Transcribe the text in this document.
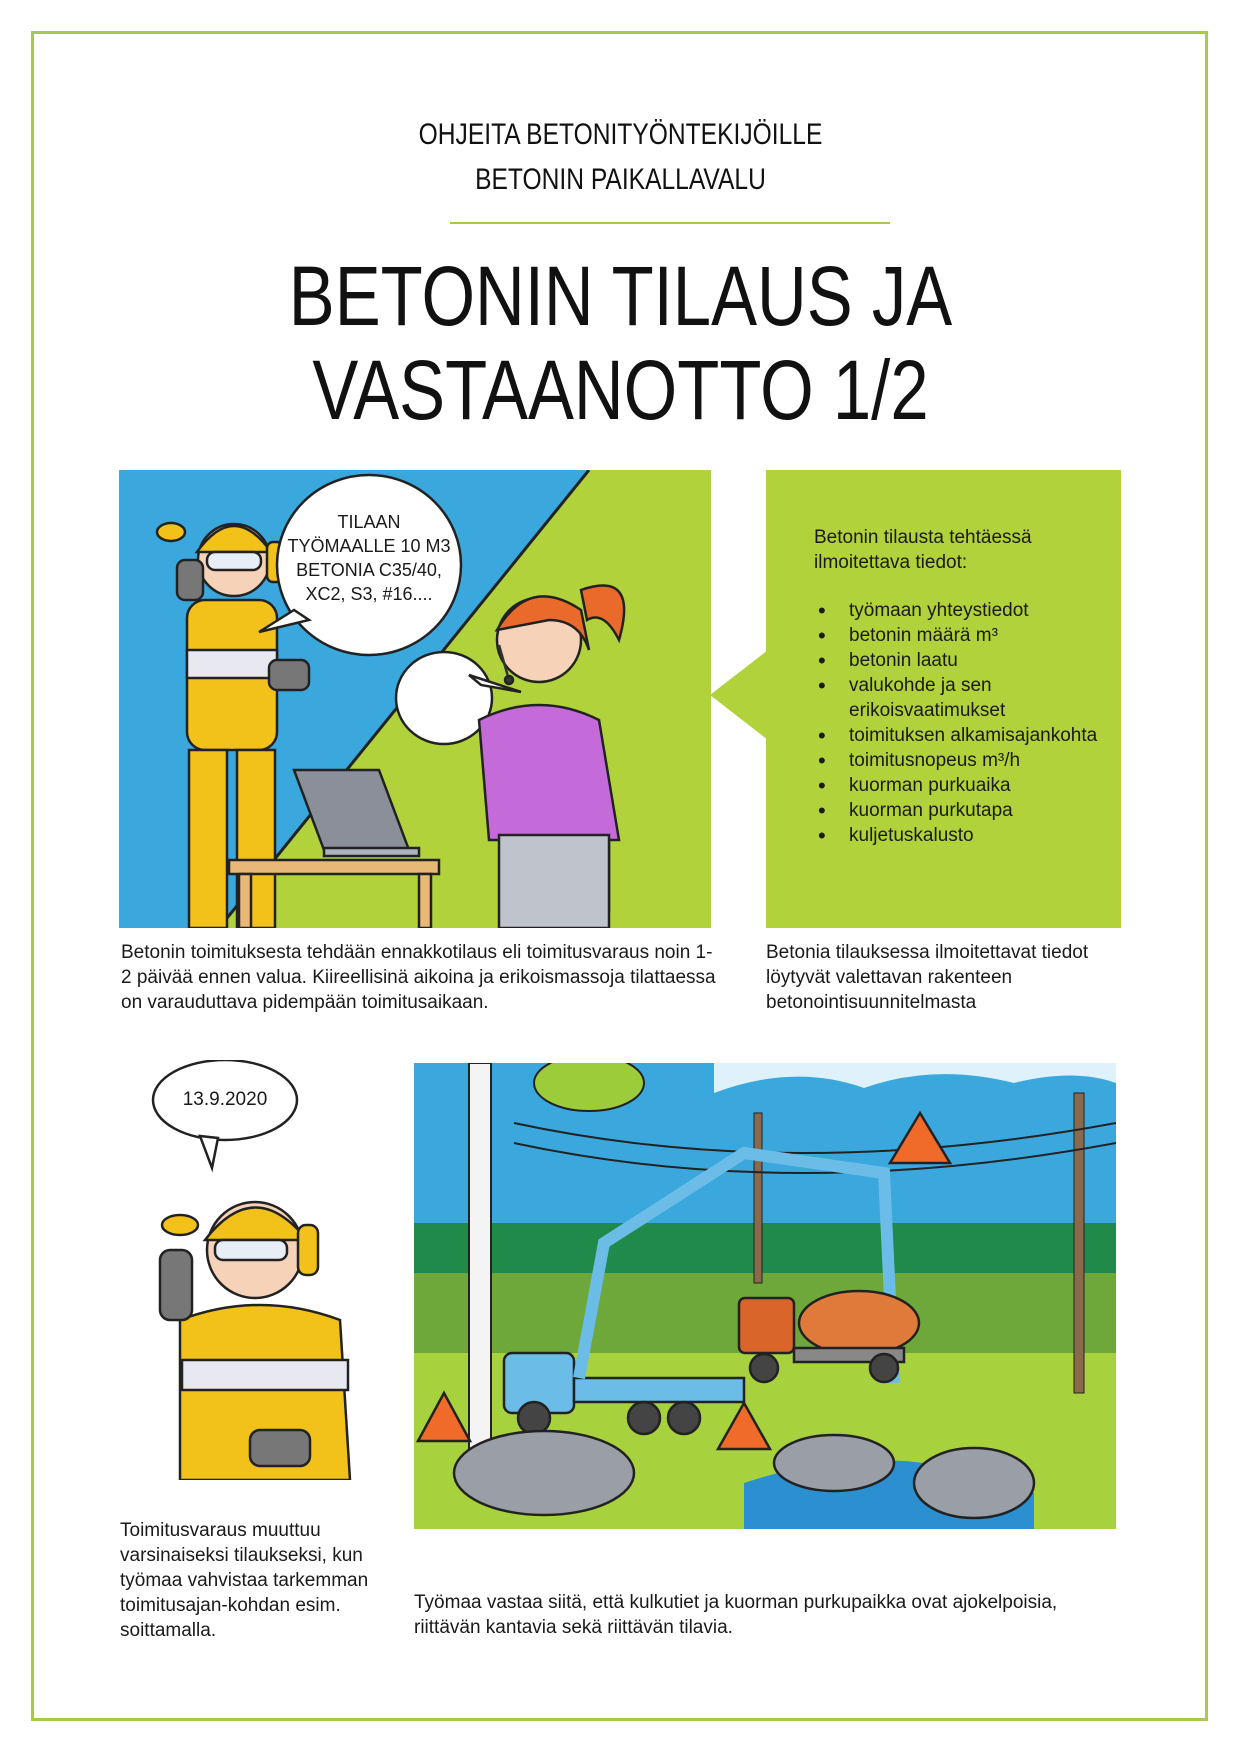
OHJEITA BETONITYÖNTEKIJÖILLE
BETONIN PAIKALLAVALU
BETONIN TILAUS JA
VASTAANOTTO 1/2
TILAAN
TYÖMAALLE 10 M3
BETONIA C35/40,
XC2, S3, #16....
Betonin toimituksesta tehdään ennakkotilaus eli toimitusvaraus noin 1-2 päivää ennen valua. Kiireellisinä aikoina ja erikoismassoja tilattaessa on varauduttava pidempään toimitusaikaan.
Betonin tilausta tehtäessä ilmoitettava tiedot:
• työmaan yhteystiedot
• betonin määrä m³
• betonin laatu
• valukohde ja sen erikoisvaatimukset
• toimituksen alkamisajankohta
• toimitusnopeus m³/h
• kuorman purkuaika
• kuorman purkutapa
• kuljetuskalusto
Betonia tilauksessa ilmoitettavat tiedot löytyvät valettavan rakenteen betonointisuunnitelmasta
13.9.2020
Toimitusvaraus muuttuu varsinaiseksi tilaukseksi, kun työmaa vahvistaa tarkemman toimitusajan-kohdan esim. soittamalla.
Työmaa vastaa siitä, että kulkutiet ja kuorman purkupaikka ovat ajokelpoisia, riittävän kantavia sekä riittävän tilavia.
